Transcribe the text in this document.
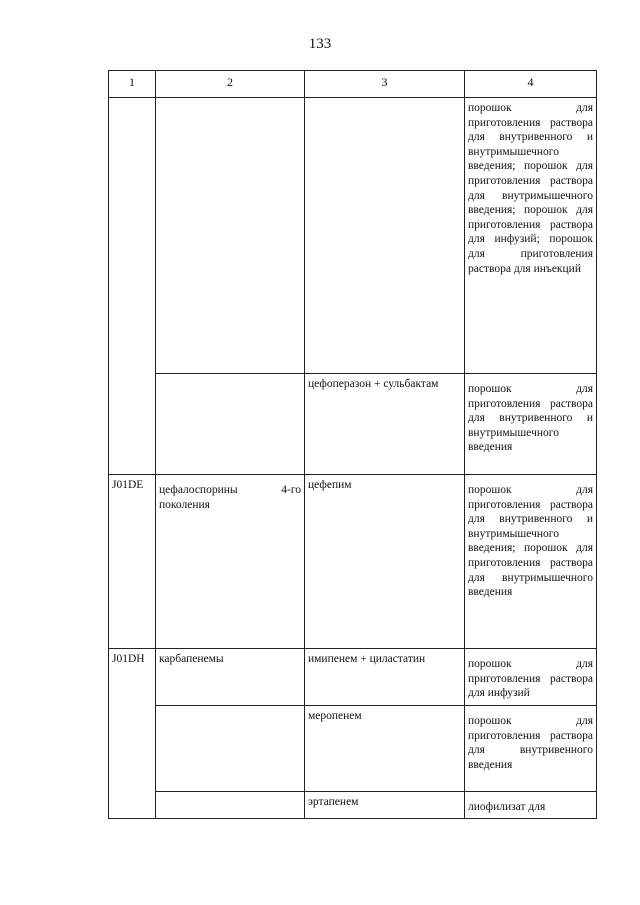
133
1	2	3	4
			порошок для приготовления раствора для внутривенного и внутримышечного введения; порошок для приготовления раствора для внутримышечного введения; порошок для приготовления раствора для инфузий; порошок для приготовления раствора для инъекций
		цефоперазон + сульбактам	порошок для приготовления раствора для внутривенного и внутримышечного введения
J01DE	цефалоспорины 4-го поколения	цефепим	порошок для приготовления раствора для внутривенного и внутримышечного введения; порошок для приготовления раствора для внутримышечного введения
J01DH	карбапенемы	имипенем + циластатин	порошок для приготовления раствора для инфузий
		меропенем	порошок для приготовления раствора для внутривенного введения
		эртапенем	лиофилизат для
